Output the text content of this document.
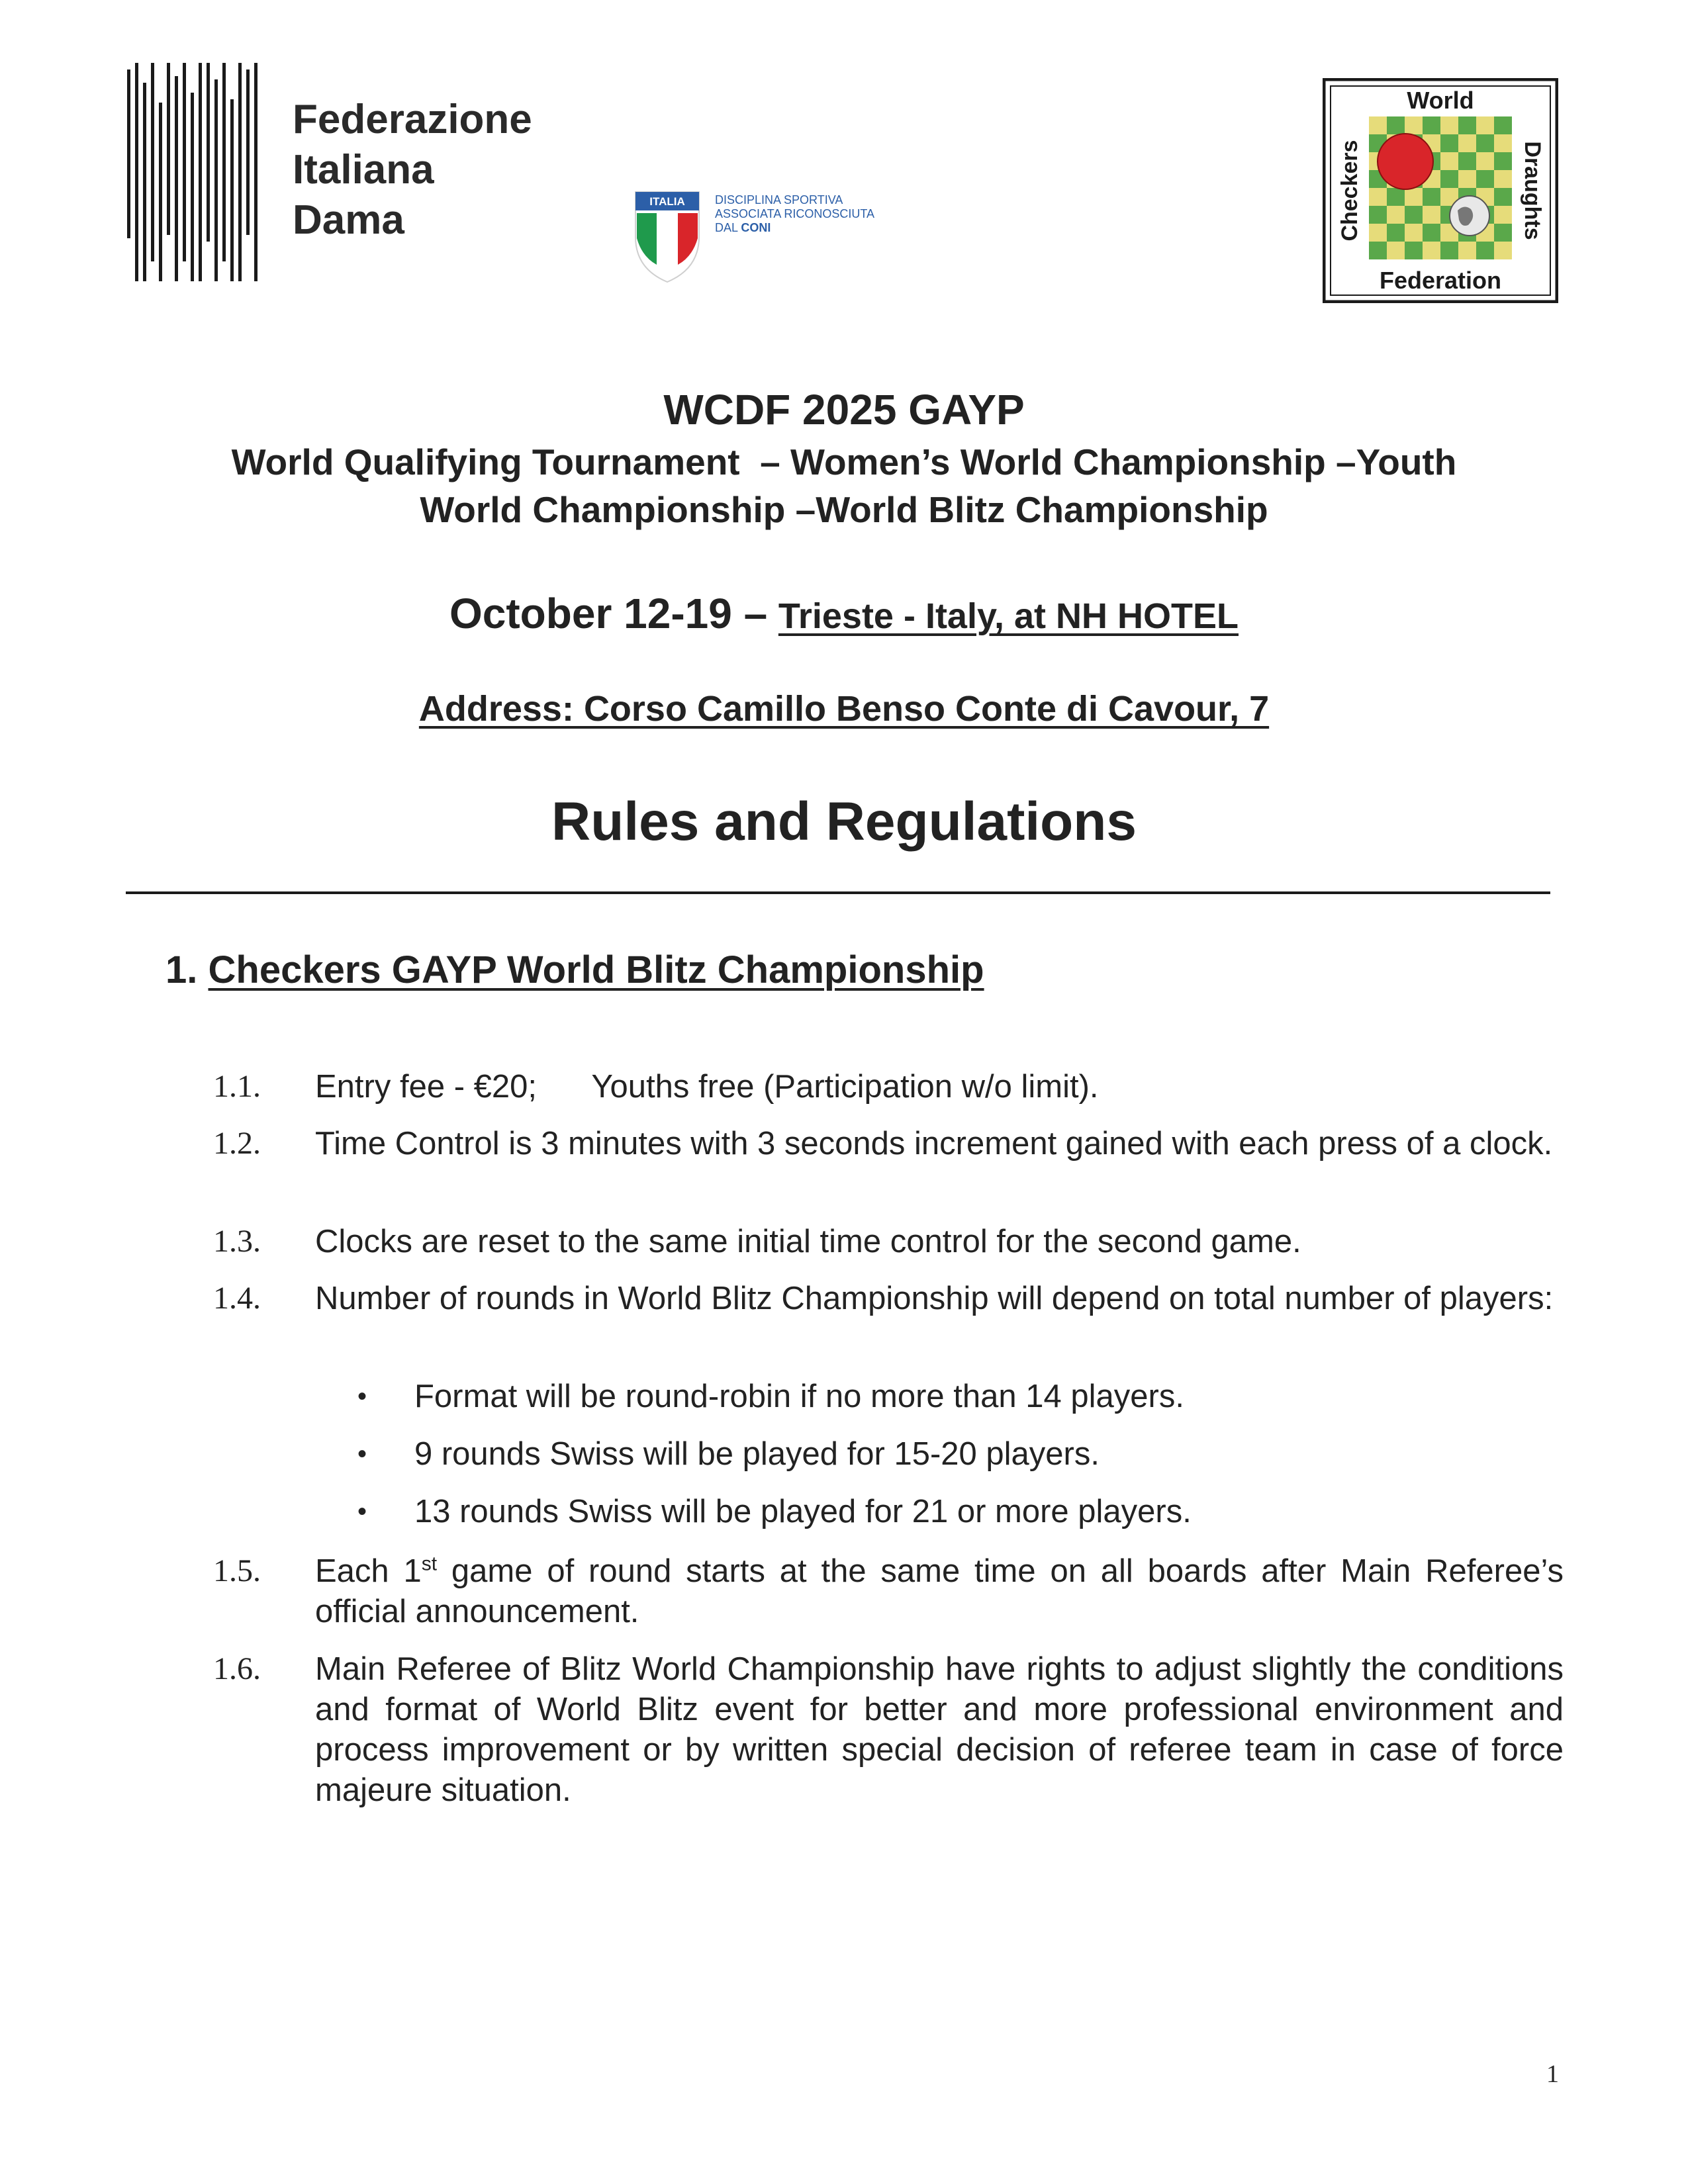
Federazione
Italiana
Dama	ITALIA	DISCIPLINA SPORTIVA
ASSOCIATA RICONOSCIUTA
DAL CONI
World
Federation
Checkers	Draughts
WCDF 2025 GAYP
World Qualifying Tournament  – Women’s World Championship –Youth
World Championship –World Blitz Championship
October 12-19 – Trieste - Italy, at NH HOTEL
Address: Corso Camillo Benso Conte di Cavour, 7
Rules and Regulations
1. Checkers GAYP World Blitz Championship
1.1.	Entry fee - €20; Youths free (Participation w/o limit).
1.2.	Time Control is 3 minutes with 3 seconds increment gained with each press of a clock.
1.3.	Clocks are reset to the same initial time control for the second game.
1.4.	Number of rounds in World Blitz Championship will depend on total number of players:
• Format will be round-robin if no more than 14 players.
• 9 rounds Swiss will be played for 15-20 players.
• 13 rounds Swiss will be played for 21 or more players.
1.5.	Each 1st game of round starts at the same time on all boards after Main Referee’s official announcement.
1.6.	Main Referee of Blitz World Championship have rights to adjust slightly the conditions and format of World Blitz event for better and more professional environment and process improvement or by written special decision of referee team in case of force majeure situation.
1
